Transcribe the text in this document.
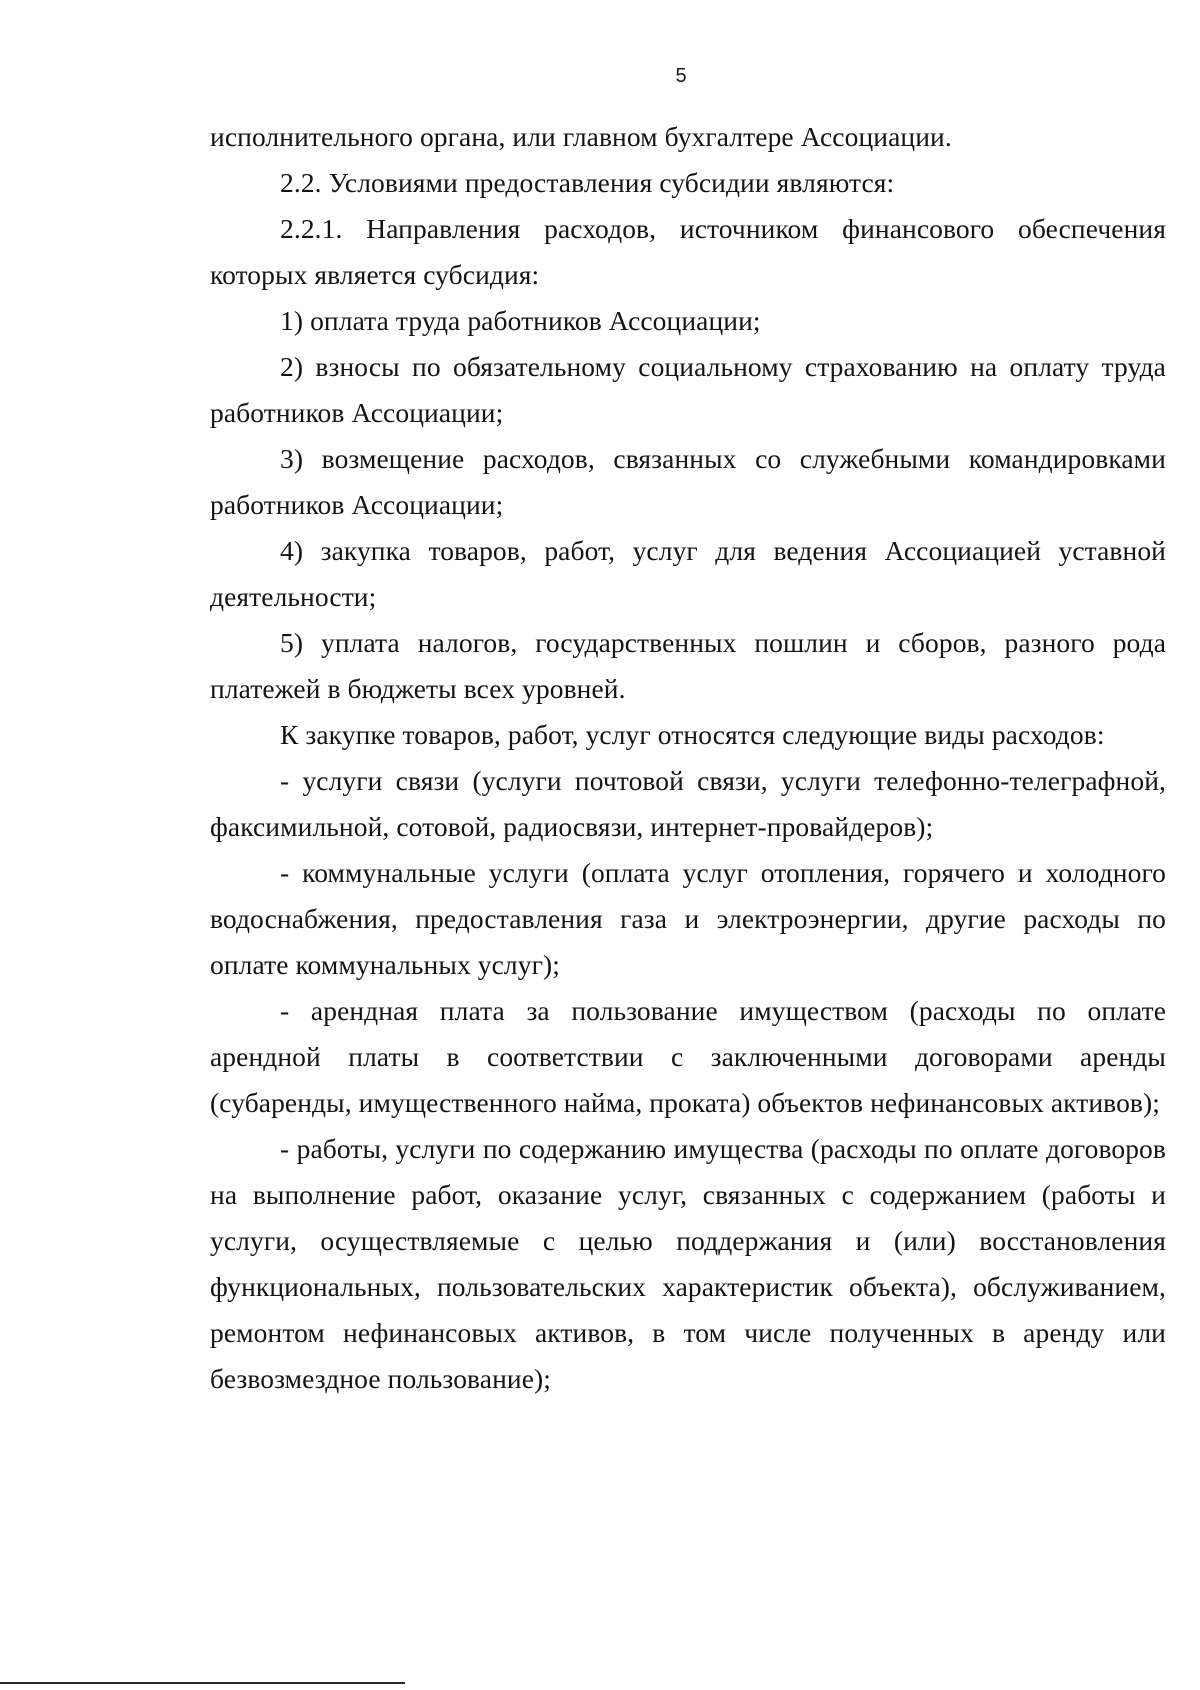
5

исполнительного органа, или главном бухгалтере Ассоциации.

2.2. Условиями предоставления субсидии являются:

2.2.1. Направления расходов, источником финансового обеспечения которых является субсидия:

1) оплата труда работников Ассоциации;

2) взносы по обязательному социальному страхованию на оплату труда работников Ассоциации;

3) возмещение расходов, связанных со служебными командировками работников Ассоциации;

4) закупка товаров, работ, услуг для ведения Ассоциацией уставной деятельности;

5) уплата налогов, государственных пошлин и сборов, разного рода платежей в бюджеты всех уровней.

К закупке товаров, работ, услуг относятся следующие виды расходов:

- услуги связи (услуги почтовой связи, услуги телефонно-телеграфной, факсимильной, сотовой, радиосвязи, интернет-провайдеров);

- коммунальные услуги (оплата услуг отопления, горячего и холодного водоснабжения, предоставления газа и электроэнергии, другие расходы по оплате коммунальных услуг);

- арендная плата за пользование имуществом (расходы по оплате арендной платы в соответствии с заключенными договорами аренды (субаренды, имущественного найма, проката) объектов нефинансовых активов);

- работы, услуги по содержанию имущества (расходы по оплате договоров на выполнение работ, оказание услуг, связанных с содержанием (работы и услуги, осуществляемые с целью поддержания и (или) восстановления функциональных, пользовательских характеристик объекта), обслуживанием, ремонтом нефинансовых активов, в том числе полученных в аренду или безвозмездное пользование);
